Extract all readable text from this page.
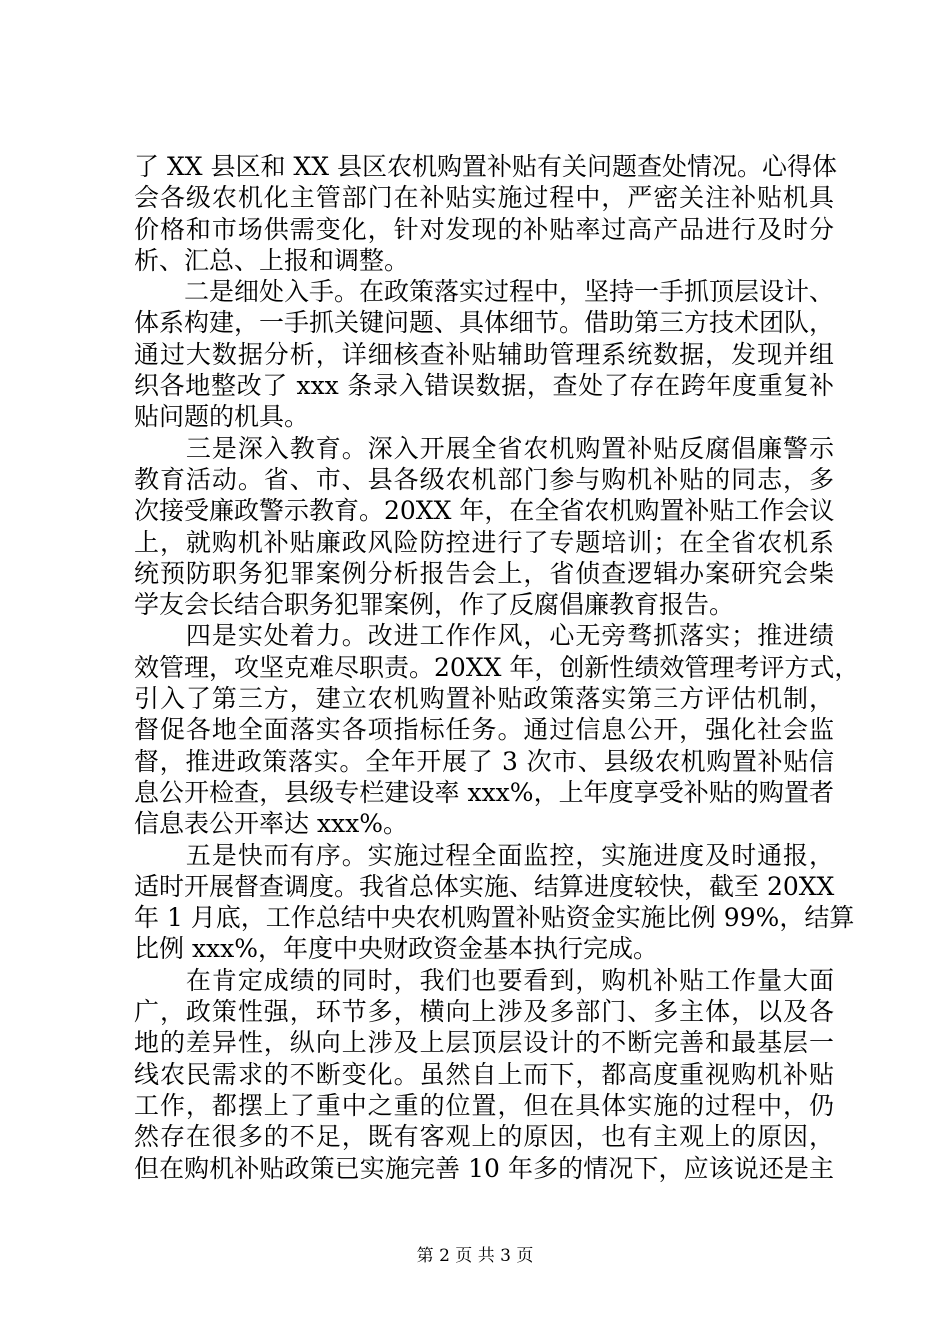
了 XX 县区和 XX 县区农机购置补贴有关问题查处情况。心得体
会各级农机化主管部门在补贴实施过程中，严密关注补贴机具
价格和市场供需变化，针对发现的补贴率过高产品进行及时分
析、汇总、上报和调整。
　　二是细处入手。在政策落实过程中，坚持一手抓顶层设计、
体系构建，一手抓关键问题、具体细节。借助第三方技术团队，
通过大数据分析，详细核查补贴辅助管理系统数据，发现并组
织各地整改了 xxx 条录入错误数据，查处了存在跨年度重复补
贴问题的机具。
　　三是深入教育。深入开展全省农机购置补贴反腐倡廉警示
教育活动。省、市、县各级农机部门参与购机补贴的同志，多
次接受廉政警示教育。20XX 年，在全省农机购置补贴工作会议
上，就购机补贴廉政风险防控进行了专题培训；在全省农机系
统预防职务犯罪案例分析报告会上，省侦查逻辑办案研究会柴
学友会长结合职务犯罪案例，作了反腐倡廉教育报告。
　　四是实处着力。改进工作作风，心无旁骛抓落实；推进绩
效管理，攻坚克难尽职责。20XX 年，创新性绩效管理考评方式，
引入了第三方，建立农机购置补贴政策落实第三方评估机制，
督促各地全面落实各项指标任务。通过信息公开，强化社会监
督，推进政策落实。全年开展了 3 次市、县级农机购置补贴信
息公开检查，县级专栏建设率 xxx%，上年度享受补贴的购置者
信息表公开率达 xxx%。
　　五是快而有序。实施过程全面监控，实施进度及时通报，
适时开展督查调度。我省总体实施、结算进度较快，截至 20XX
年 1 月底，工作总结中央农机购置补贴资金实施比例 99%，结算
比例 xxx%，年度中央财政资金基本执行完成。
　　在肯定成绩的同时，我们也要看到，购机补贴工作量大面
广，政策性强，环节多，横向上涉及多部门、多主体，以及各
地的差异性，纵向上涉及上层顶层设计的不断完善和最基层一
线农民需求的不断变化。虽然自上而下，都高度重视购机补贴
工作，都摆上了重中之重的位置，但在具体实施的过程中，仍
然存在很多的不足，既有客观上的原因，也有主观上的原因，
但在购机补贴政策已实施完善 10 年多的情况下，应该说还是主
第 2 页 共 3 页
